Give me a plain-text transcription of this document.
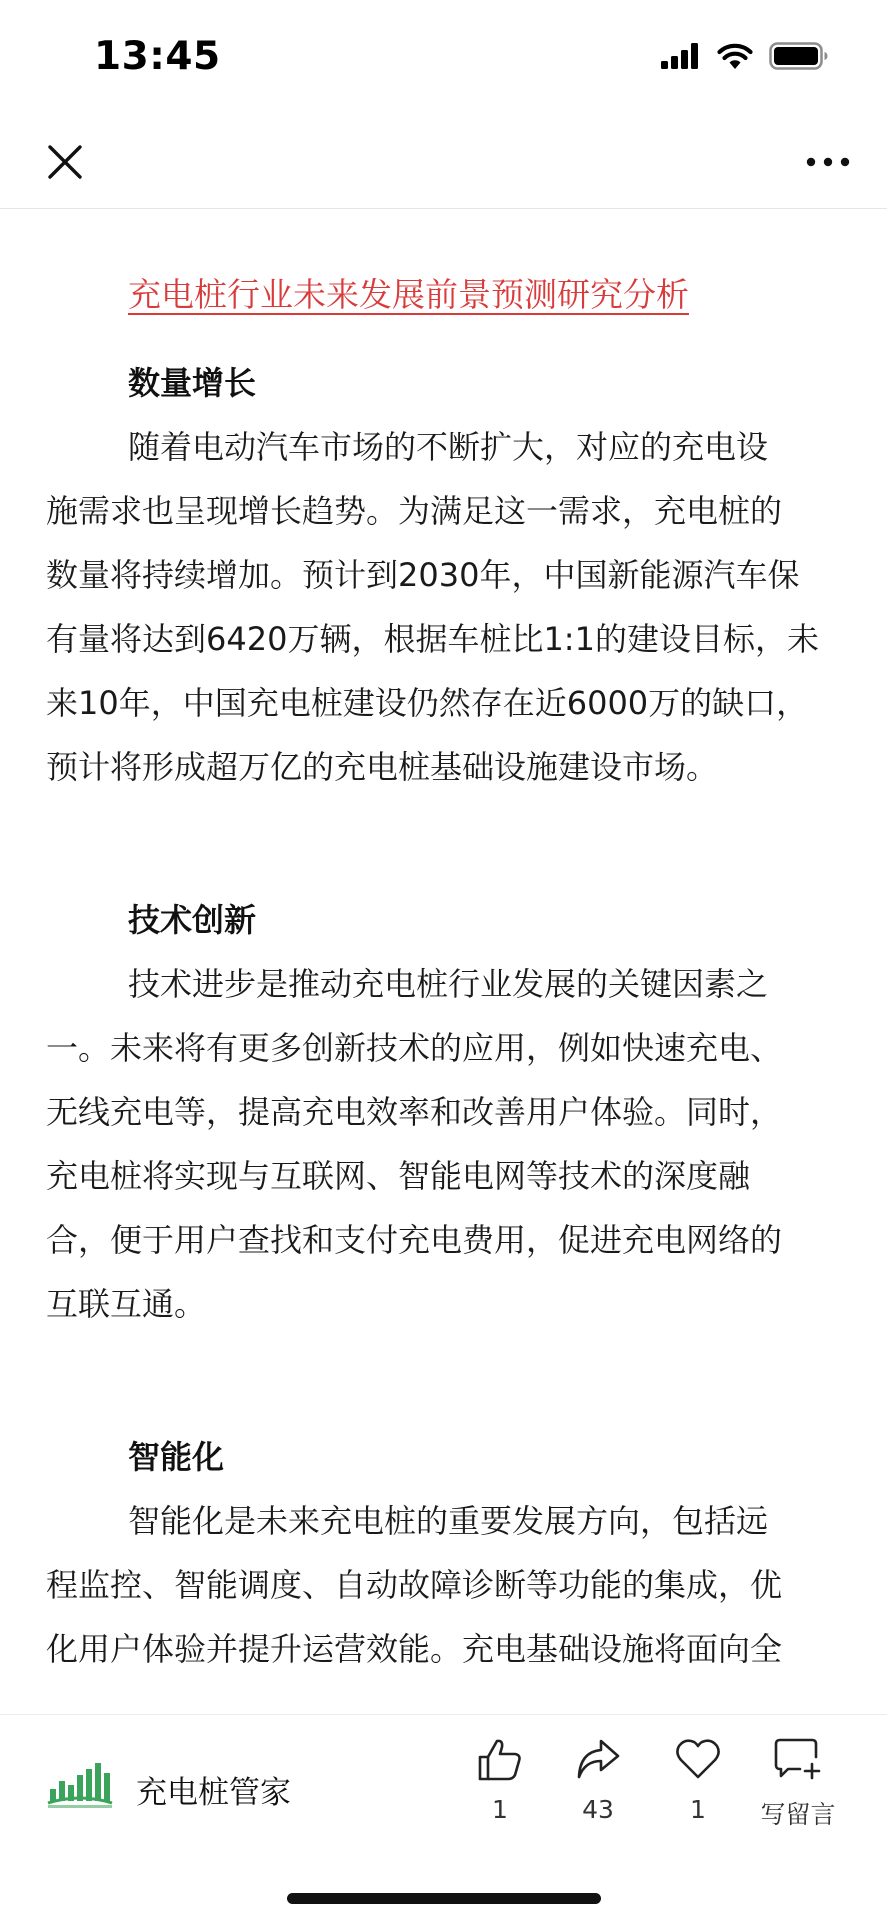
13:45
充电桩行业未来发展前景预测研究分析
数量增长
随着电动汽车市场的不断扩大，对应的充电设
施需求也呈现增长趋势。为满足这一需求，充电桩的
数量将持续增加。预计到2030年，中国新能源汽车保
有量将达到6420万辆，根据车桩比1:1的建设目标，未
来10年，中国充电桩建设仍然存在近6000万的缺口，
预计将形成超万亿的充电桩基础设施建设市场。
技术创新
技术进步是推动充电桩行业发展的关键因素之
一。未来将有更多创新技术的应用，例如快速充电、
无线充电等，提高充电效率和改善用户体验。同时，
充电桩将实现与互联网、智能电网等技术的深度融
合，便于用户查找和支付充电费用，促进充电网络的
互联互通。
智能化
智能化是未来充电桩的重要发展方向，包括远
程监控、智能调度、自动故障诊断等功能的集成，优
化用户体验并提升运营效能。充电基础设施将面向全
充电桩管家	1	43	1	写留言
